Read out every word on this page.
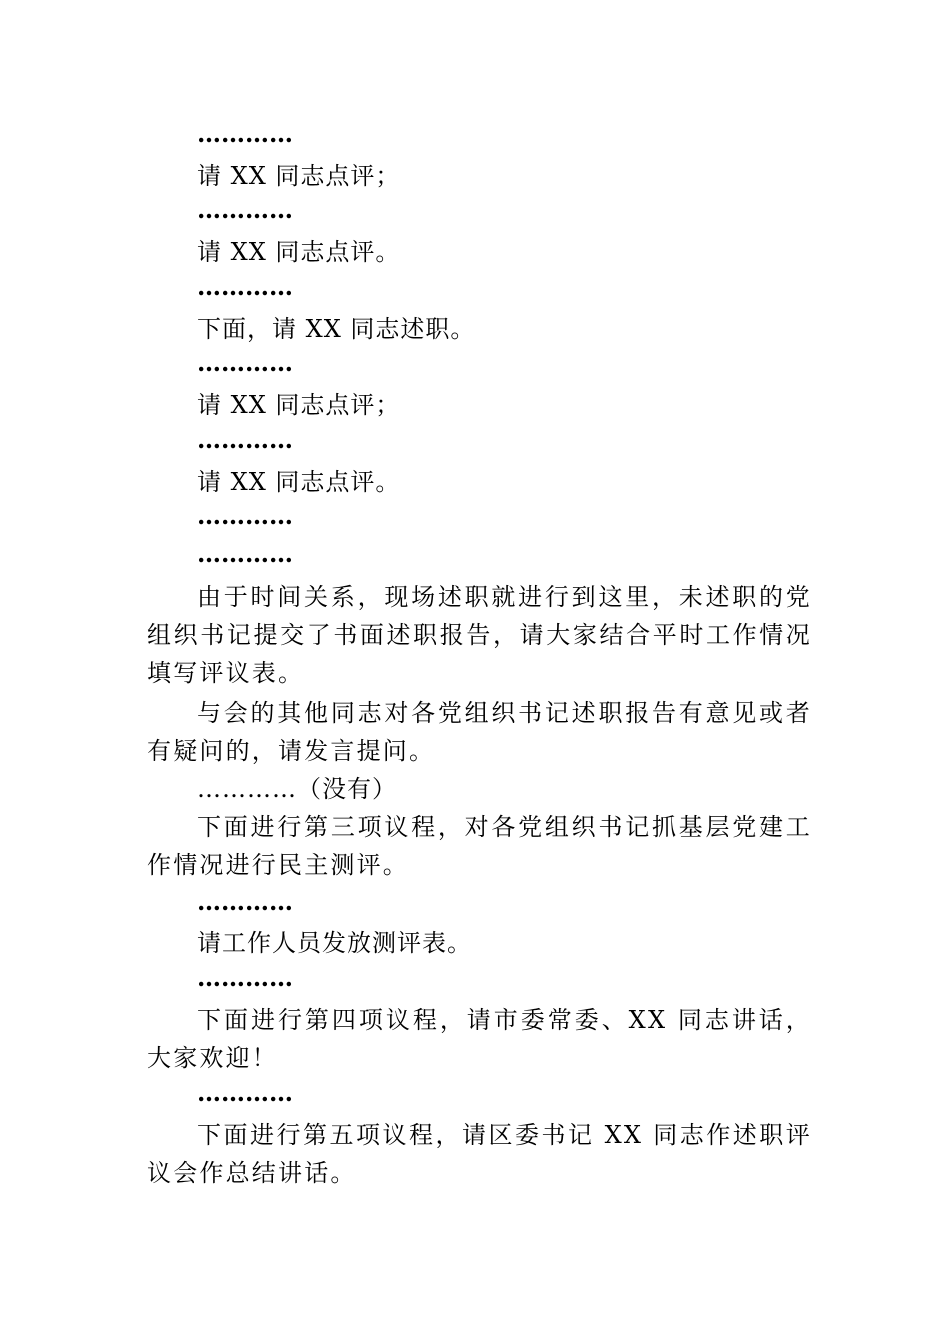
…………
请 XX 同志点评；
…………
请 XX 同志点评。
…………
下面，请 XX 同志述职。
…………
请 XX 同志点评；
…………
请 XX 同志点评。
…………
…………
由于时间关系，现场述职就进行到这里，未述职的党组织书记提交了书面述职报告，请大家结合平时工作情况填写评议表。
与会的其他同志对各党组织书记述职报告有意见或者有疑问的，请发言提问。
…………（没有）
下面进行第三项议程，对各党组织书记抓基层党建工作情况进行民主测评。
…………
请工作人员发放测评表。
…………
下面进行第四项议程，请市委常委、XX 同志讲话，大家欢迎！
…………
下面进行第五项议程，请区委书记 XX 同志作述职评议会作总结讲话。
